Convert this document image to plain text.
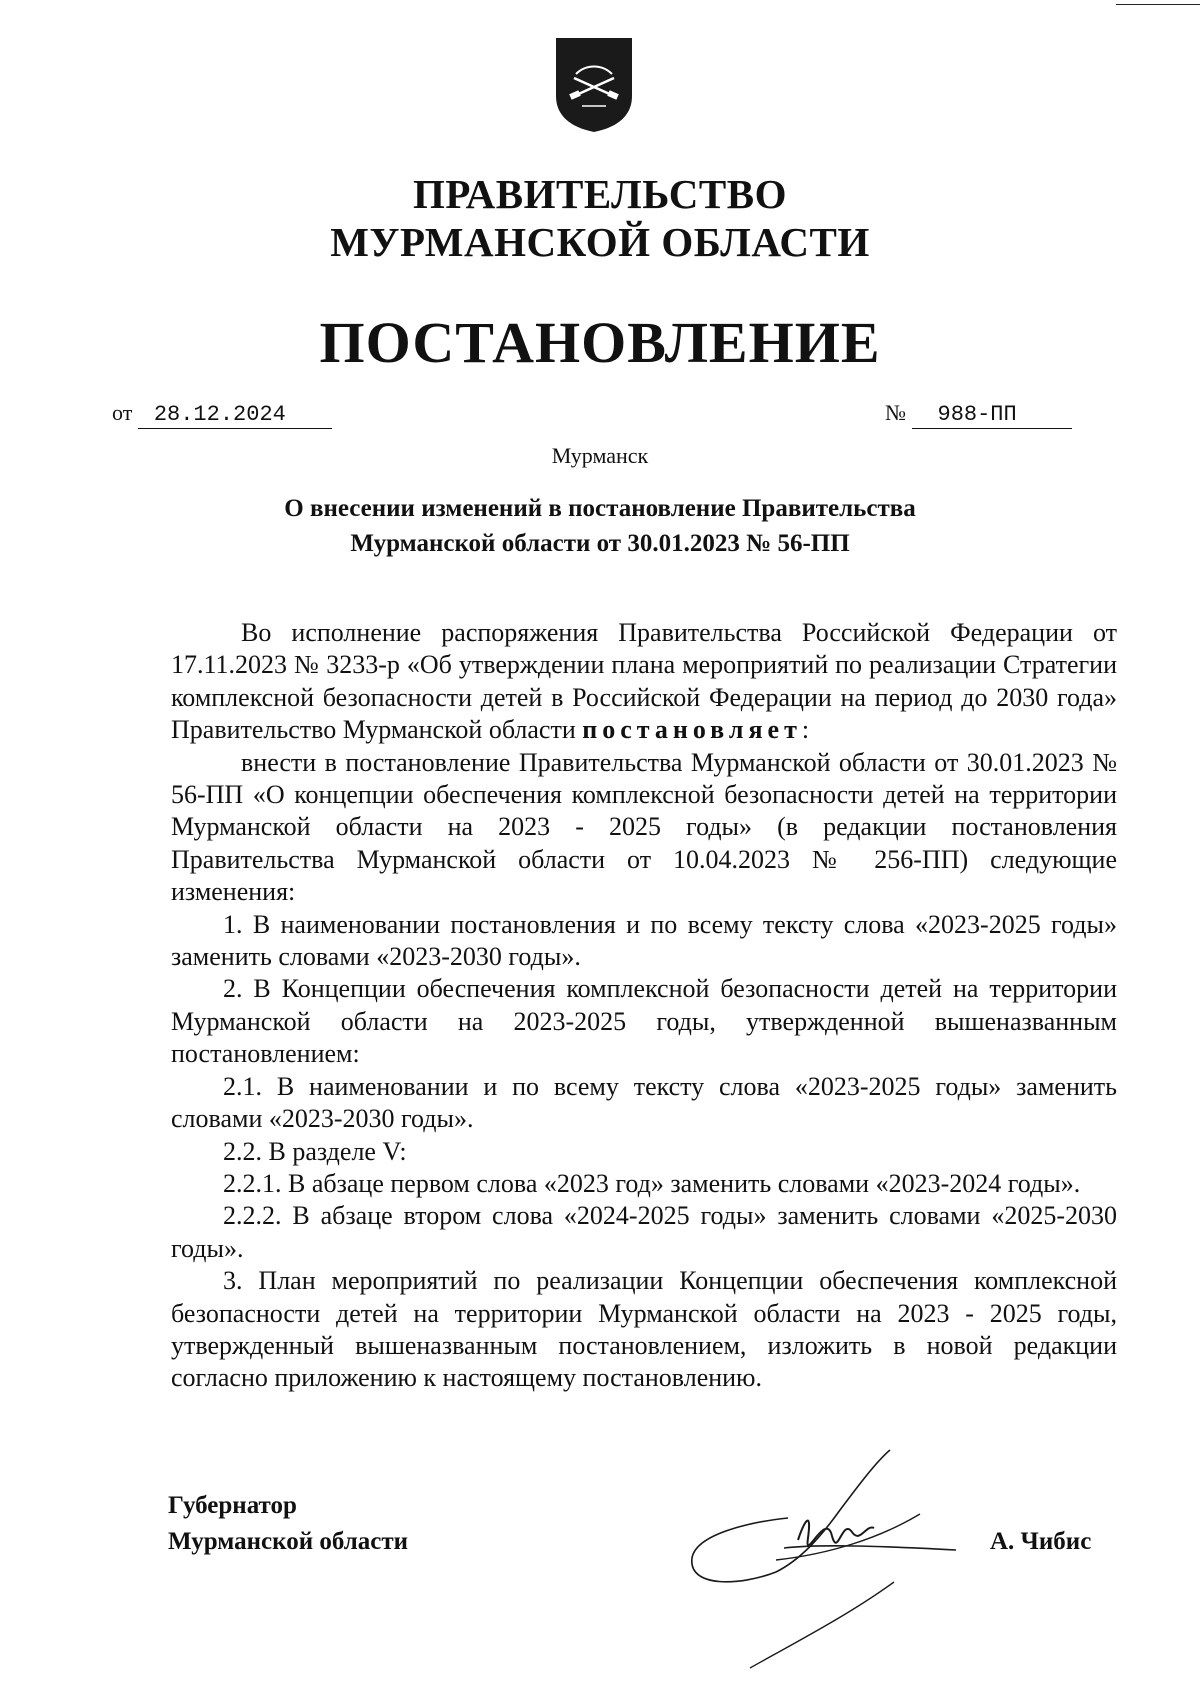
ПРАВИТЕЛЬСТВО
МУРМАНСКОЙ ОБЛАСТИ
ПОСТАНОВЛЕНИЕ
от 28.12.2024	№ 988-ПП
Мурманск
О внесении изменений в постановление Правительства
Мурманской области от 30.01.2023 № 56-ПП

Во исполнение распоряжения Правительства Российской Федерации от 17.11.2023 № 3233-р «Об утверждении плана мероприятий по реализации Стратегии комплексной безопасности детей в Российской Федерации на период до 2030 года» Правительство Мурманской области постановляет:

внести в постановление Правительства Мурманской области от 30.01.2023 № 56-ПП «О концепции обеспечения комплексной безопасности детей на территории Мурманской области на 2023 - 2025 годы» (в редакции постановления Правительства Мурманской области от 10.04.2023 № 256-ПП) следующие изменения:

1. В наименовании постановления и по всему тексту слова «2023-2025 годы» заменить словами «2023-2030 годы».

2. В Концепции обеспечения комплексной безопасности детей на территории Мурманской области на 2023-2025 годы, утвержденной вышеназванным постановлением:

2.1. В наименовании и по всему тексту слова «2023-2025 годы» заменить словами «2023-2030 годы».

2.2. В разделе V:

2.2.1. В абзаце первом слова «2023 год» заменить словами «2023-2024 годы».

2.2.2. В абзаце втором слова «2024-2025 годы» заменить словами «2025-2030 годы».

3. План мероприятий по реализации Концепции обеспечения комплексной безопасности детей на территории Мурманской области на 2023 - 2025 годы, утвержденный вышеназванным постановлением, изложить в новой редакции согласно приложению к настоящему постановлению.

Губернатор
Мурманской области	А. Чибис
